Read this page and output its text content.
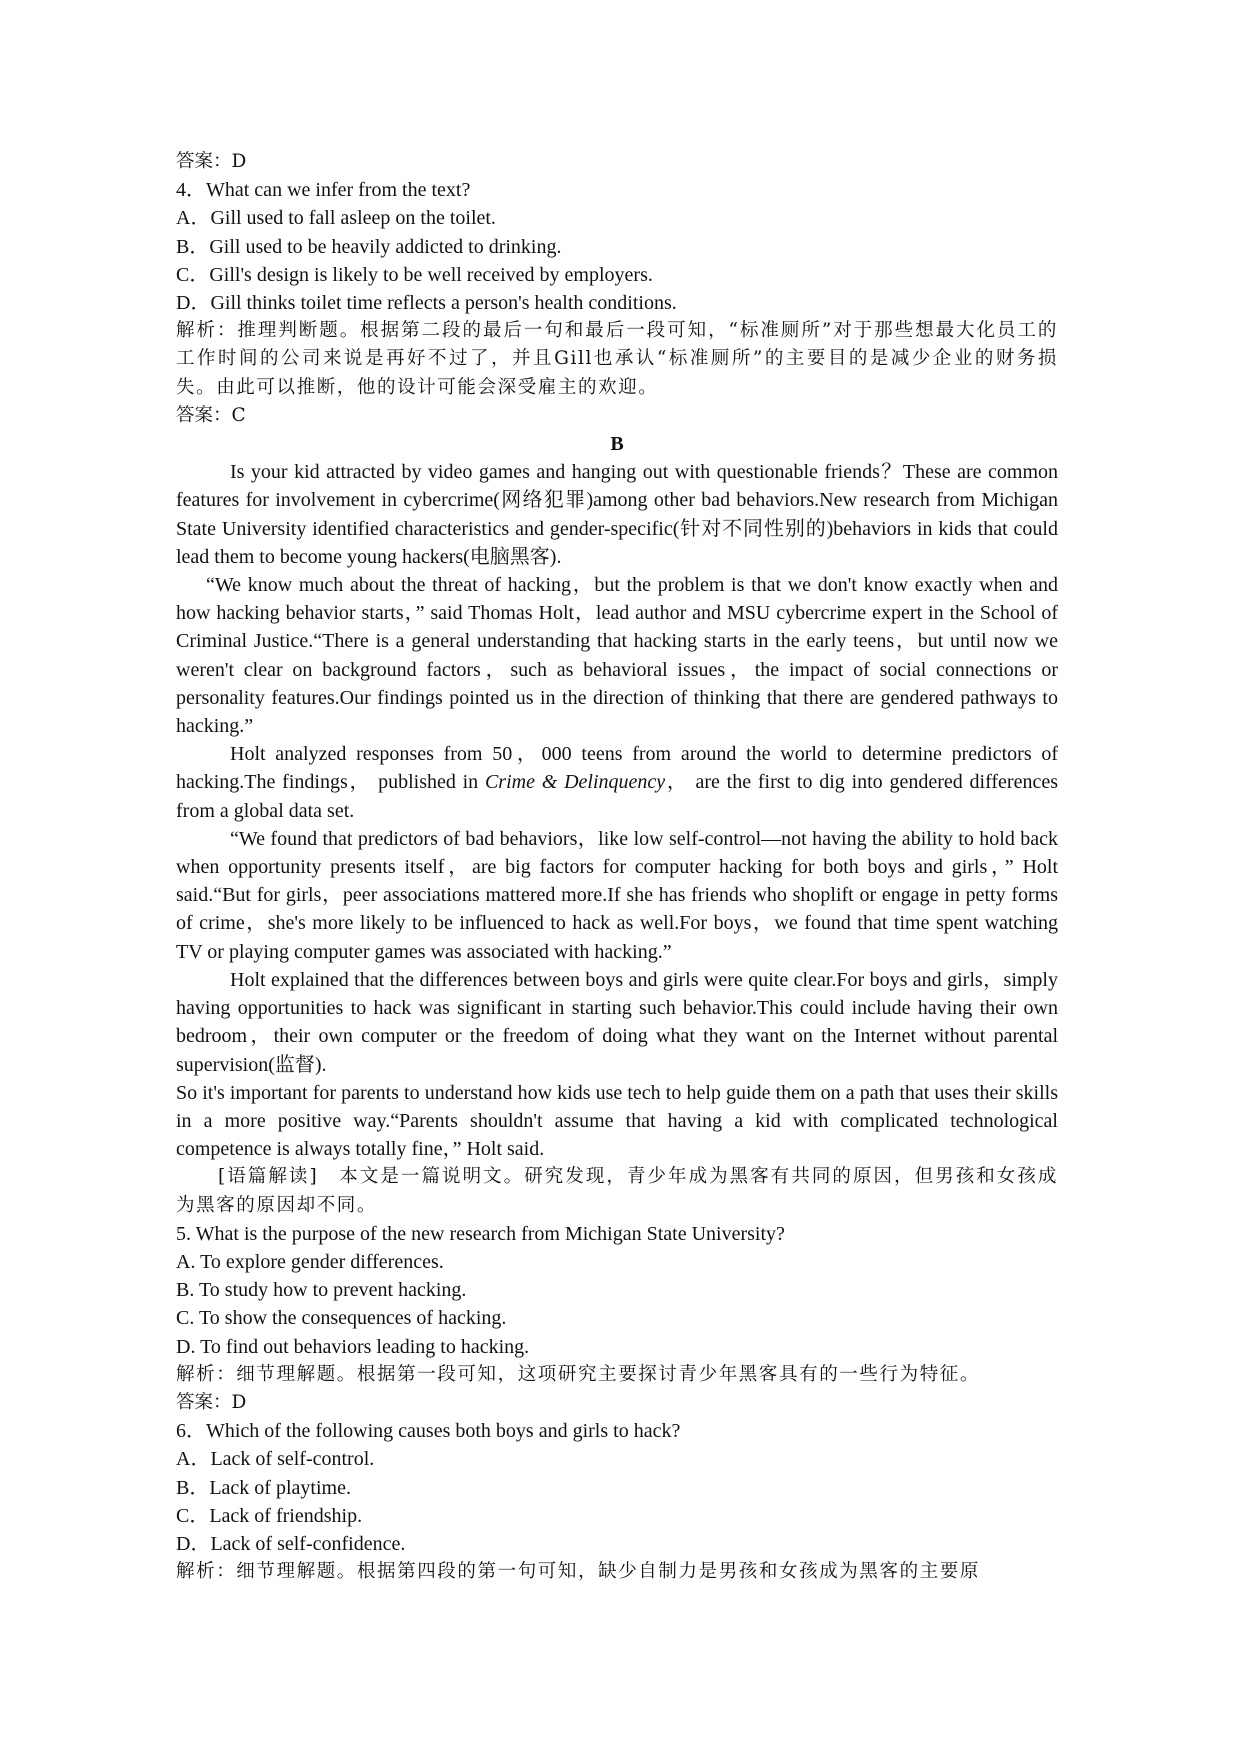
答案：D

4．What can we infer from the text?

A．Gill used to fall asleep on the toilet.

B．Gill used to be heavily addicted to drinking.

C．Gill's design is likely to be well received by employers.

D．Gill thinks toilet time reflects a person's health conditions.

解析：推理判断题。根据第二段的最后一句和最后一段可知，“标准厕所”对于那些想最大化员工的工作时间的公司来说是再好不过了，并且Gill也承认“标准厕所”的主要目的是减少企业的财务损失。由此可以推断，他的设计可能会深受雇主的欢迎。

答案：C

B

Is your kid attracted by video games and hanging out with questionable friends？These are common features for involvement in cybercrime(网络犯罪)among other bad behaviors.New research from Michigan State University identified characteristics and gender-specific(针对不同性别的)behaviors in kids that could lead them to become young hackers(电脑黑客).

“We know much about the threat of hacking，but the problem is that we don't know exactly when and how hacking behavior starts，” said Thomas Holt，lead author and MSU cybercrime expert in the School of Criminal Justice.“There is a general understanding that hacking starts in the early teens，but until now we weren't clear on background factors，such as behavioral issues，the impact of social connections or personality features.Our findings pointed us in the direction of thinking that there are gendered pathways to hacking.”

Holt analyzed responses from 50，000 teens from around the world to determine predictors of hacking.The findings， published in Crime & Delinquency， are the first to dig into gendered differences from a global data set.

“We found that predictors of bad behaviors，like low self-control—not having the ability to hold back when opportunity presents itself，are big factors for computer hacking for both boys and girls，” Holt said.“But for girls，peer associations mattered more.If she has friends who shoplift or engage in petty forms of crime，she's more likely to be influenced to hack as well.For boys，we found that time spent watching TV or playing computer games was associated with hacking.”

Holt explained that the differences between boys and girls were quite clear.For boys and girls，simply having opportunities to hack was significant in starting such behavior.This could include having their own bedroom，their own computer or the freedom of doing what they want on the Internet without parental supervision(监督).

So it's important for parents to understand how kids use tech to help guide them on a path that uses their skills in a more positive way.“Parents shouldn't assume that having a kid with complicated technological competence is always totally fine，” Holt said.

[语篇解读]　 本文是一篇说明文。研究发现，青少年成为黑客有共同的原因，但男孩和女孩成为黑客的原因却不同。

5. What is the purpose of the new research from Michigan State University?

A. To explore gender differences.

B. To study how to prevent hacking.

C. To show the consequences of hacking.

D. To find out behaviors leading to hacking.

解析：细节理解题。根据第一段可知，这项研究主要探讨青少年黑客具有的一些行为特征。

答案：D

6．Which of the following causes both boys and girls to hack?

A．Lack of self-control.

B．Lack of playtime.

C．Lack of friendship.

D．Lack of self-confidence.

解析：细节理解题。根据第四段的第一句可知，缺少自制力是男孩和女孩成为黑客的主要原
